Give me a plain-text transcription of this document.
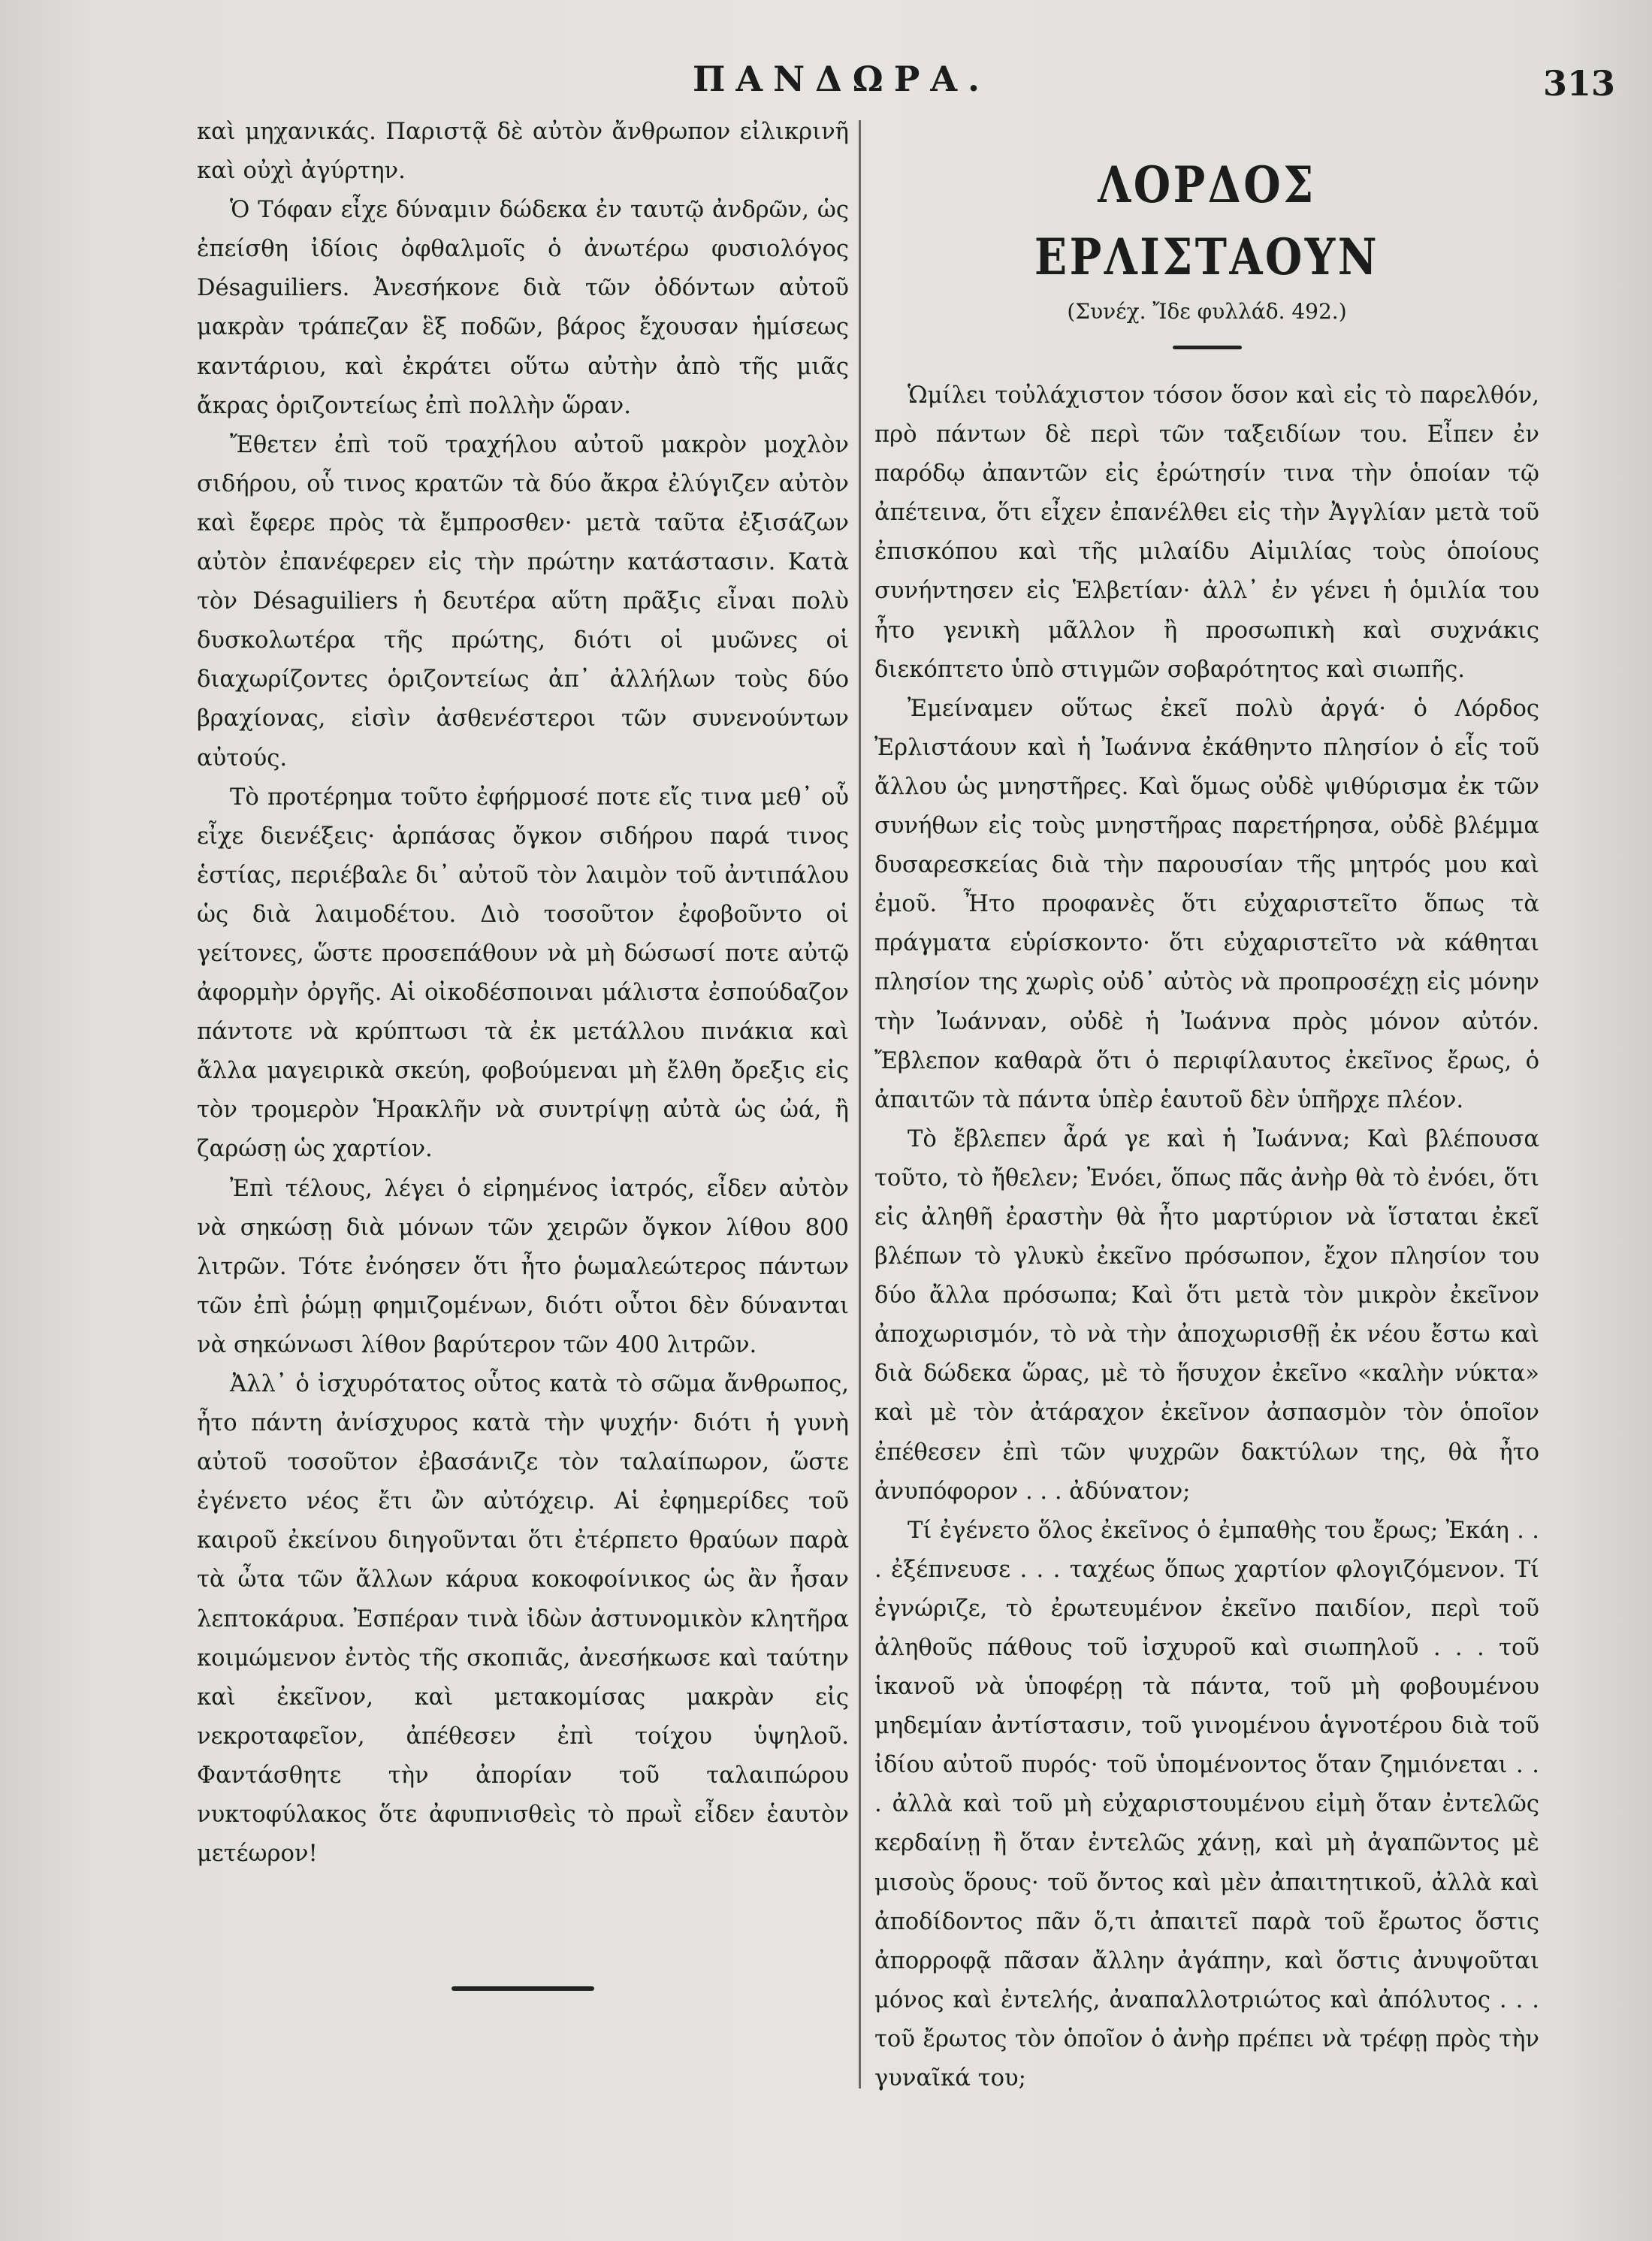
ΠΑΝΔΩΡΑ.	313

καὶ μηχανικάς. Παριστᾷ δὲ αὐτὸν ἄνθρωπον εἰλικρινῆ καὶ οὐχὶ ἀγύρτην.

Ὁ Τόφαν εἶχε δύναμιν δώδεκα ἐν ταυτῷ ἀνδρῶν, ὡς ἐπείσθη ἰδίοις ὀφθαλμοῖς ὁ ἀνωτέρω φυσιολόγος Désaguiliers. Ἀνεσήκονε διὰ τῶν ὀδόντων αὐτοῦ μακρὰν τράπεζαν ἓξ ποδῶν, βάρος ἔχουσαν ἡμίσεως καντάριου, καὶ ἐκράτει οὕτω αὐτὴν ἀπὸ τῆς μιᾶς ἄκρας ὁριζοντείως ἐπὶ πολλὴν ὥραν.

Ἔθετεν ἐπὶ τοῦ τραχήλου αὐτοῦ μακρὸν μοχλὸν σιδήρου, οὗ τινος κρατῶν τὰ δύο ἄκρα ἐλύγιζεν αὐτὸν καὶ ἔφερε πρὸς τὰ ἔμπροσθεν· μετὰ ταῦτα ἐξισάζων αὐτὸν ἐπανέφερεν εἰς τὴν πρώτην κατάστασιν. Κατὰ τὸν Désaguiliers ἡ δευτέρα αὕτη πρᾶξις εἶναι πολὺ δυσκολωτέρα τῆς πρώτης, διότι οἱ μυῶνες οἱ διαχωρίζοντες ὁριζοντείως ἀπ᾽ ἀλλήλων τοὺς δύο βραχίονας, εἰσὶν ἀσθενέστεροι τῶν συνενούντων αὐτούς.

Τὸ προτέρημα τοῦτο ἐφήρμοσέ ποτε εἴς τινα μεθ᾽ οὗ εἶχε διενέξεις· ἁρπάσας ὄγκον σιδήρου παρά τινος ἑστίας, περιέβαλε δι᾽ αὐτοῦ τὸν λαιμὸν τοῦ ἀντιπάλου ὡς διὰ λαιμοδέτου. Διὸ τοσοῦτον ἐφοβοῦντο οἱ γείτονες, ὥστε προσεπάθουν νὰ μὴ δώσωσί ποτε αὐτῷ ἀφορμὴν ὀργῆς. Αἱ οἰκοδέσποιναι μάλιστα ἐσπούδαζον πάντοτε νὰ κρύπτωσι τὰ ἐκ μετάλλου πινάκια καὶ ἄλλα μαγειρικὰ σκεύη, φοβούμεναι μὴ ἔλθη ὄρεξις εἰς τὸν τρομερὸν Ἡρακλῆν νὰ συντρίψῃ αὐτὰ ὡς ὠά, ἢ ζαρώσῃ ὡς χαρτίον.

Ἐπὶ τέλους, λέγει ὁ εἰρημένος ἰατρός, εἶδεν αὐτὸν νὰ σηκώσῃ διὰ μόνων τῶν χειρῶν ὄγκον λίθου 800 λιτρῶν. Τότε ἐνόησεν ὅτι ἦτο ῥωμαλεώτερος πάντων τῶν ἐπὶ ῥώμῃ φημιζομένων, διότι οὗτοι δὲν δύνανται νὰ σηκώνωσι λίθον βαρύτερον τῶν 400 λιτρῶν.

Ἀλλ᾽ ὁ ἰσχυρότατος οὗτος κατὰ τὸ σῶμα ἄνθρωπος, ἦτο πάντη ἀνίσχυρος κατὰ τὴν ψυχήν· διότι ἡ γυνὴ αὐτοῦ τοσοῦτον ἐβασάνιζε τὸν ταλαίπωρον, ὥστε ἐγένετο νέος ἔτι ὢν αὐτόχειρ. Αἱ ἐφημερίδες τοῦ καιροῦ ἐκείνου διηγοῦνται ὅτι ἐτέρπετο θραύων παρὰ τὰ ὦτα τῶν ἄλλων κάρυα κοκοφοίνικος ὡς ἂν ἦσαν λεπτοκάρυα. Ἐσπέραν τινὰ ἰδὼν ἀστυνομικὸν κλητῆρα κοιμώμενον ἐντὸς τῆς σκοπιᾶς, ἀνεσήκωσε καὶ ταύτην καὶ ἐκεῖνον, καὶ μετακομίσας μακρὰν εἰς νεκροταφεῖον, ἀπέθεσεν ἐπὶ τοίχου ὑψηλοῦ. Φαντάσθητε τὴν ἀπορίαν τοῦ ταλαιπώρου νυκτοφύλακος ὅτε ἀφυπνισθεὶς τὸ πρωῒ εἶδεν ἑαυτὸν μετέωρον!

ΛΟΡΔΟΣ ΕΡΛΙΣΤΑΟΥΝ
(Συνέχ. Ἴδε φυλλάδ. 492.)

Ὡμίλει τοὐλάχιστον τόσον ὅσον καὶ εἰς τὸ παρελθόν, πρὸ πάντων δὲ περὶ τῶν ταξειδίων του. Εἶπεν ἐν παρόδῳ ἀπαντῶν εἰς ἐρώτησίν τινα τὴν ὁποίαν τῷ ἀπέτεινα, ὅτι εἶχεν ἐπανέλθει εἰς τὴν Ἀγγλίαν μετὰ τοῦ ἐπισκόπου καὶ τῆς μιλαίδυ Αἰμιλίας τοὺς ὁποίους συνήντησεν εἰς Ἑλβετίαν· ἀλλ᾽ ἐν γένει ἡ ὁμιλία του ἦτο γενικὴ μᾶλλον ἢ προσωπικὴ καὶ συχνάκις διεκόπτετο ὑπὸ στιγμῶν σοβαρότητος καὶ σιωπῆς.

Ἐμείναμεν οὕτως ἐκεῖ πολὺ ἀργά· ὁ Λόρδος Ἐρλιστάουν καὶ ἡ Ἰωάννα ἐκάθηντο πλησίον ὁ εἷς τοῦ ἄλλου ὡς μνηστῆρες. Καὶ ὅμως οὐδὲ ψιθύρισμα ἐκ τῶν συνήθων εἰς τοὺς μνηστῆρας παρετήρησα, οὐδὲ βλέμμα δυσαρεσκείας διὰ τὴν παρουσίαν τῆς μητρός μου καὶ ἐμοῦ. Ἦτο προφανὲς ὅτι εὐχαριστεῖτο ὅπως τὰ πράγματα εὑρίσκοντο· ὅτι εὐχαριστεῖτο νὰ κάθηται πλησίον της χωρὶς οὐδ᾽ αὐτὸς νὰ προπροσέχῃ εἰς μόνην τὴν Ἰωάνναν, οὐδὲ ἡ Ἰωάννα πρὸς μόνον αὐτόν. Ἔβλεπον καθαρὰ ὅτι ὁ περιφίλαυτος ἐκεῖνος ἔρως, ὁ ἀπαιτῶν τὰ πάντα ὑπὲρ ἑαυτοῦ δὲν ὑπῆρχε πλέον.

Τὸ ἔβλεπεν ἆρά γε καὶ ἡ Ἰωάννα; Καὶ βλέπουσα τοῦτο, τὸ ἤθελεν; Ἐνόει, ὅπως πᾶς ἀνὴρ θὰ τὸ ἐνόει, ὅτι εἰς ἀληθῆ ἐραστὴν θὰ ἦτο μαρτύριον νὰ ἵσταται ἐκεῖ βλέπων τὸ γλυκὺ ἐκεῖνο πρόσωπον, ἔχον πλησίον του δύο ἄλλα πρόσωπα; Καὶ ὅτι μετὰ τὸν μικρὸν ἐκεῖνον ἀποχωρισμόν, τὸ νὰ τὴν ἀποχωρισθῇ ἐκ νέου ἔστω καὶ διὰ δώδεκα ὥρας, μὲ τὸ ἥσυχον ἐκεῖνο «καλὴν νύκτα» καὶ μὲ τὸν ἀτάραχον ἐκεῖνον ἀσπασμὸν τὸν ὁποῖον ἐπέθεσεν ἐπὶ τῶν ψυχρῶν δακτύλων της, θὰ ἦτο ἀνυπόφορον . . . ἀδύνατον;

Τί ἐγένετο ὅλος ἐκεῖνος ὁ ἐμπαθὴς του ἔρως; Ἐκάη . . . ἐξέπνευσε . . . ταχέως ὅπως χαρτίον φλογιζόμενον. Τί ἐγνώριζε, τὸ ἐρωτευμένον ἐκεῖνο παιδίον, περὶ τοῦ ἀληθοῦς πάθους τοῦ ἰσχυροῦ καὶ σιωπηλοῦ . . . τοῦ ἱκανοῦ νὰ ὑποφέρῃ τὰ πάντα, τοῦ μὴ φοβουμένου μηδεμίαν ἀντίστασιν, τοῦ γινομένου ἁγνοτέρου διὰ τοῦ ἰδίου αὐτοῦ πυρός· τοῦ ὑπομένοντος ὅταν ζημιόνεται . . . ἀλλὰ καὶ τοῦ μὴ εὐχαριστουμένου εἰμὴ ὅταν ἐντελῶς κερδαίνῃ ἢ ὅταν ἐντελῶς χάνῃ, καὶ μὴ ἀγαπῶντος μὲ μισοὺς ὅρους· τοῦ ὄντος καὶ μὲν ἀπαιτητικοῦ, ἀλλὰ καὶ ἀποδίδοντος πᾶν ὅ,τι ἀπαιτεῖ παρὰ τοῦ ἔρωτος ὅστις ἀπορροφᾷ πᾶσαν ἄλλην ἀγάπην, καὶ ὅστις ἀνυψοῦται μόνος καὶ ἐντελής, ἀναπαλλοτριώτος καὶ ἀπόλυτος . . . τοῦ ἔρωτος τὸν ὁποῖον ὁ ἀνὴρ πρέπει νὰ τρέφῃ πρὸς τὴν γυναῖκά του;
